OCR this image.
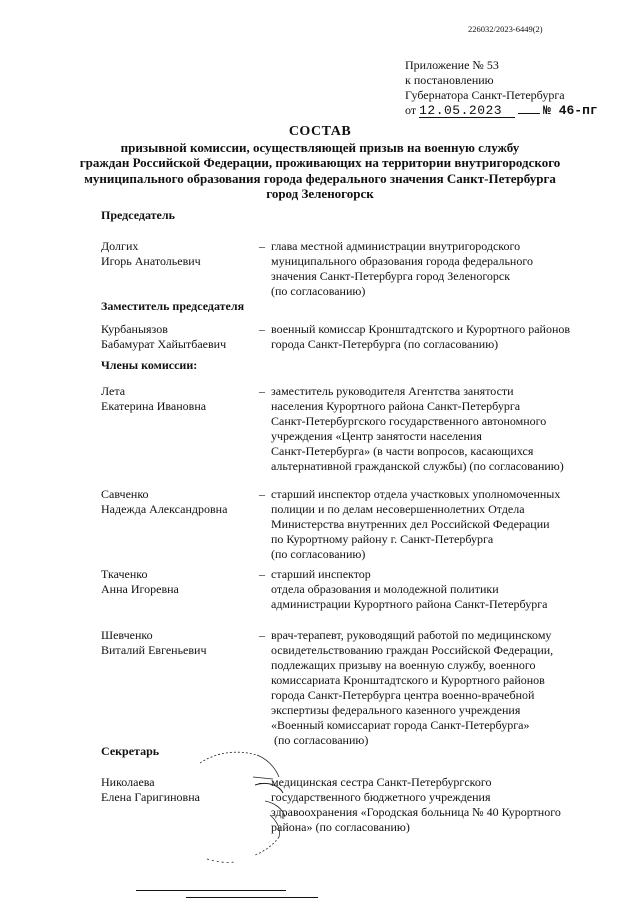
226032/2023-6449(2)
Приложение № 53
к постановлению
Губернатора Санкт-Петербурга
от 12.05.2023	№ 46-пг
СОСТАВ
призывной комиссии, осуществляющей призыв на военную службу
граждан Российской Федерации, проживающих на территории внутригородского
муниципального образования города федерального значения Санкт-Петербурга
город Зеленогорск
Председатель
Долгих
Игорь Анатольевич
– глава местной администрации внутригородского
муниципального образования города федерального
значения Санкт-Петербурга город Зеленогорск
(по согласованию)
Заместитель председателя
Курбаныязов
Бабамурат Хайытбаевич
– военный комиссар Кронштадтского и Курортного районов
города Санкт-Петербурга (по согласованию)
Члены комиссии:
Лета
Екатерина Ивановна
– заместитель руководителя Агентства занятости
населения Курортного района Санкт-Петербурга
Санкт-Петербургского государственного автономного
учреждения «Центр занятости населения
Санкт-Петербурга» (в части вопросов, касающихся
альтернативной гражданской службы) (по согласованию)
Савченко
Надежда Александровна
– старший инспектор отдела участковых уполномоченных
полиции и по делам несовершеннолетних Отдела
Министерства внутренних дел Российской Федерации
по Курортному району г. Санкт-Петербурга
(по согласованию)
Ткаченко
Анна Игоревна
– старший инспектор
отдела образования и молодежной политики
администрации Курортного района Санкт-Петербурга
Шевченко
Виталий Евгеньевич
– врач-терапевт, руководящий работой по медицинскому
освидетельствованию граждан Российской Федерации,
подлежащих призыву на военную службу, военного
комиссариата Кронштадтского и Курортного районов
города Санкт-Петербурга центра военно-врачебной
экспертизы федерального казенного учреждения
«Военный комиссариат города Санкт-Петербурга»
(по согласованию)
Секретарь
Николаева
Елена Гаригиновна
– медицинская сестра Санкт-Петербургского
государственного бюджетного учреждения
здравоохранения «Городская больница № 40 Курортного
района» (по согласованию)
